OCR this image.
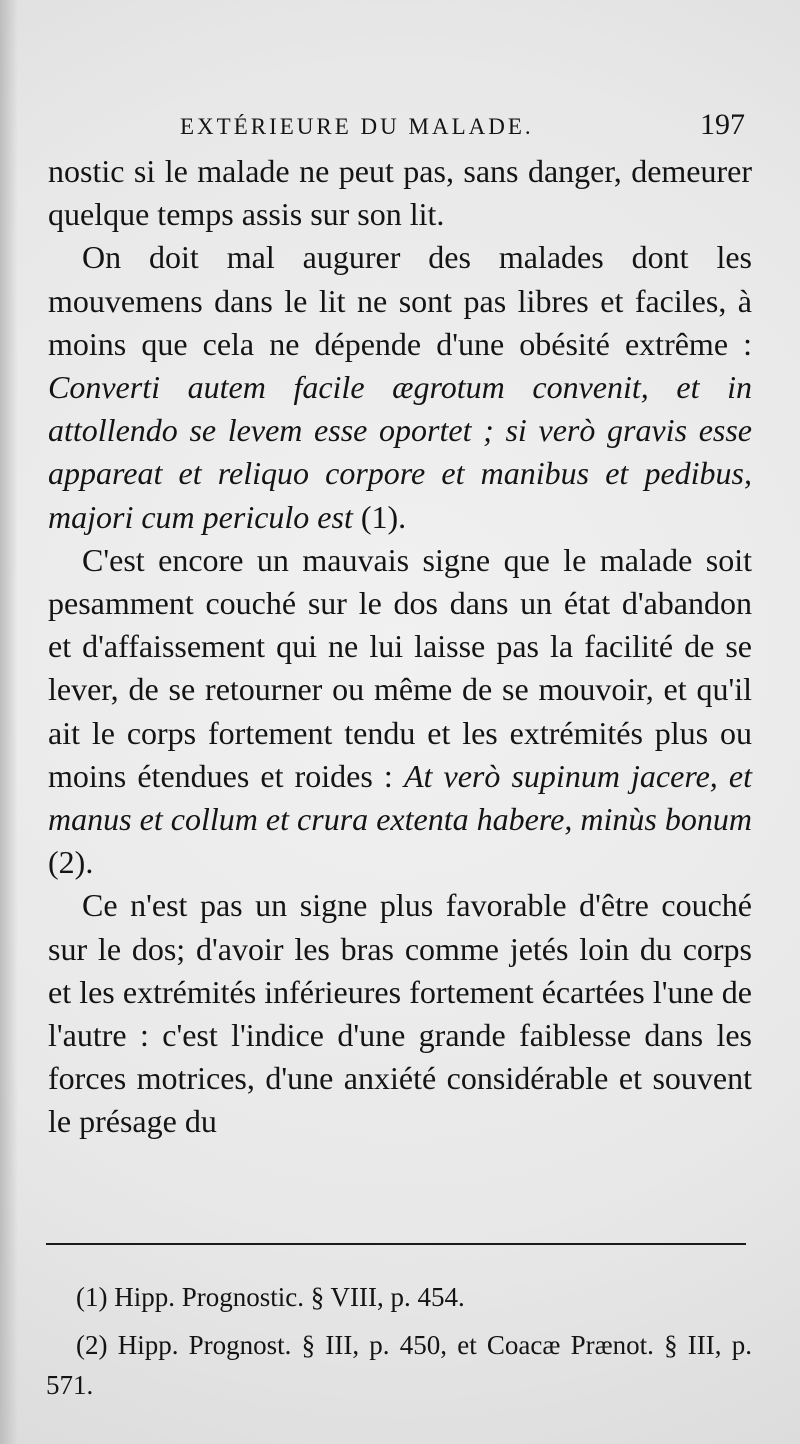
EXTÉRIEURE DU MALADE.	197

nostic si le malade ne peut pas, sans danger, demeurer quelque temps assis sur son lit.

On doit mal augurer des malades dont les mouvemens dans le lit ne sont pas libres et faciles, à moins que cela ne dépende d'une obésité extrême : Converti autem facile ægrotum convenit, et in attollendo se levem esse oportet ; si verò gravis esse appareat et reliquo corpore et manibus et pedibus, majori cum periculo est (1).

C'est encore un mauvais signe que le malade soit pesamment couché sur le dos dans un état d'abandon et d'affaissement qui ne lui laisse pas la facilité de se lever, de se retourner ou même de se mouvoir, et qu'il ait le corps fortement tendu et les extrémités plus ou moins étendues et roides : At verò supinum jacere, et manus et collum et crura extenta habere, minùs bonum (2).

Ce n'est pas un signe plus favorable d'être couché sur le dos; d'avoir les bras comme jetés loin du corps et les extrémités inférieures fortement écartées l'une de l'autre : c'est l'indice d'une grande faiblesse dans les forces motrices, d'une anxiété considérable et souvent le présage du

(1) Hipp. Prognostic. § VIII, p. 454.

(2) Hipp. Prognost. § III, p. 450, et Coacæ Prænot. § III, p. 571.
